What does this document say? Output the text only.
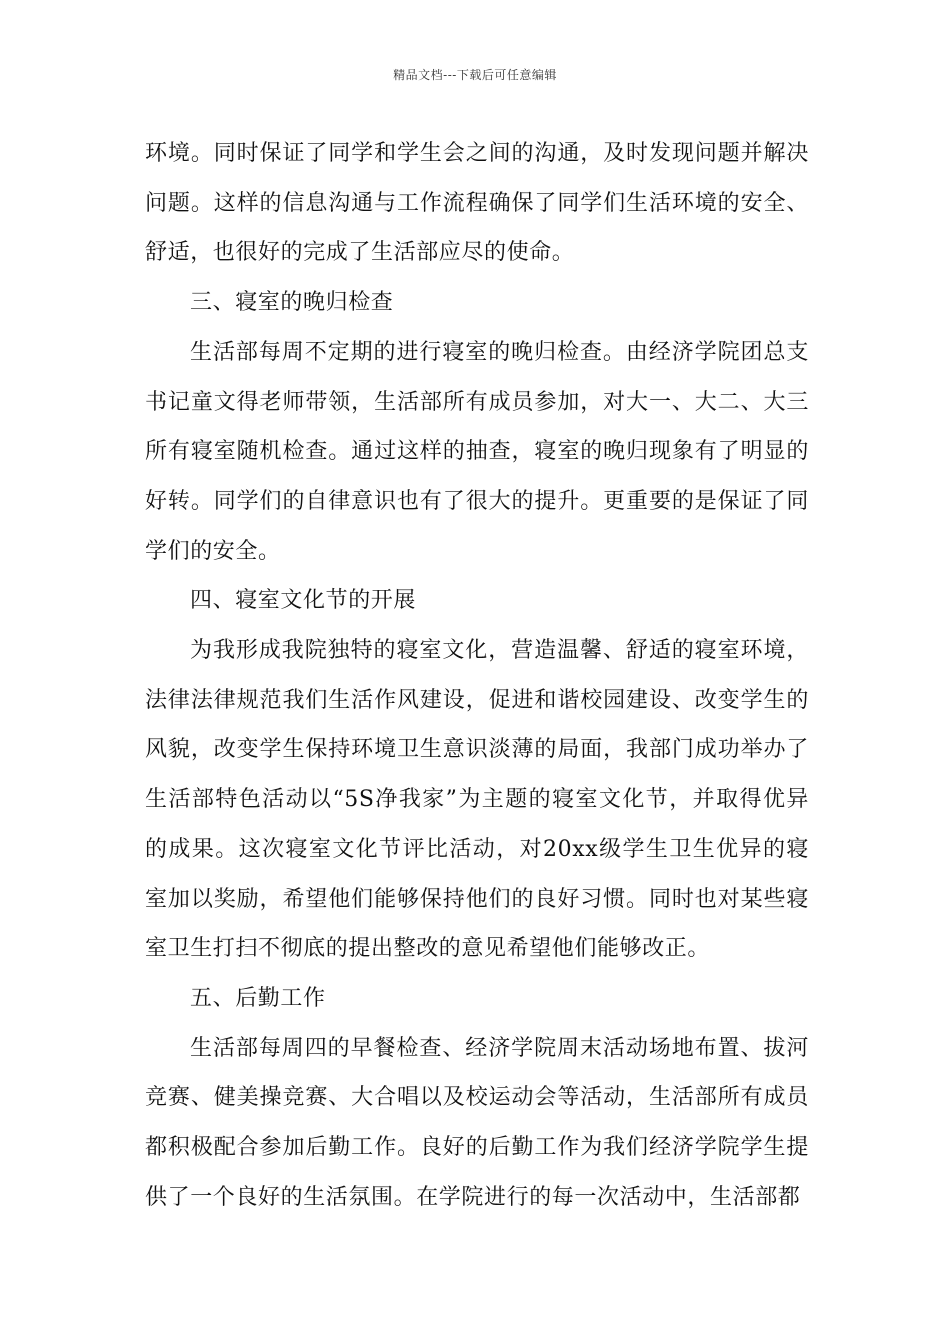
精品文档---下载后可任意编辑

环境。同时保证了同学和学生会之间的沟通，及时发现问题并解决问题。这样的信息沟通与工作流程确保了同学们生活环境的安全、舒适，也很好的完成了生活部应尽的使命。

三、寝室的晚归检查

生活部每周不定期的进行寝室的晚归检查。由经济学院团总支书记童文得老师带领，生活部所有成员参加，对大一、大二、大三所有寝室随机检查。通过这样的抽查，寝室的晚归现象有了明显的好转。同学们的自律意识也有了很大的提升。更重要的是保证了同学们的安全。

四、寝室文化节的开展

为我形成我院独特的寝室文化，营造温馨、舒适的寝室环境，法律法律规范我们生活作风建设，促进和谐校园建设、改变学生的风貌，改变学生保持环境卫生意识淡薄的局面，我部门成功举办了生活部特色活动以“5S净我家”为主题的寝室文化节，并取得优异的成果。这次寝室文化节评比活动，对20xx级学生卫生优异的寝室加以奖励，希望他们能够保持他们的良好习惯。同时也对某些寝室卫生打扫不彻底的提出整改的意见希望他们能够改正。

五、后勤工作

生活部每周四的早餐检查、经济学院周末活动场地布置、拔河竞赛、健美操竞赛、大合唱以及校运动会等活动，生活部所有成员都积极配合参加后勤工作。良好的后勤工作为我们经济学院学生提供了一个良好的生活氛围。在学院进行的每一次活动中，生活部都
